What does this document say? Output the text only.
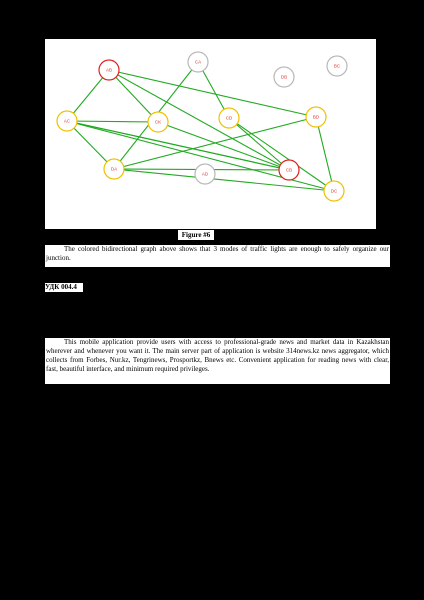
AB
CA
DB
BC
AC	CK
CD	BD
DA
AD
CB
DC
Figure #6
The colored bidirectional graph above shows that 3 modes of traffic lights are enough to safely organize our junction.
УДК 004.4
This mobile application provide users with access to professional-grade news and market data in Kazakhstan wherever and whenever you want it. The main server part of application is website 314news.kz news aggregator, which collects from Forbes, Nur.kz, Tengrinews, Prosportkz, Bnews etc. Convenient application for reading news with clear, fast, beautiful interface, and minimum required privileges.
